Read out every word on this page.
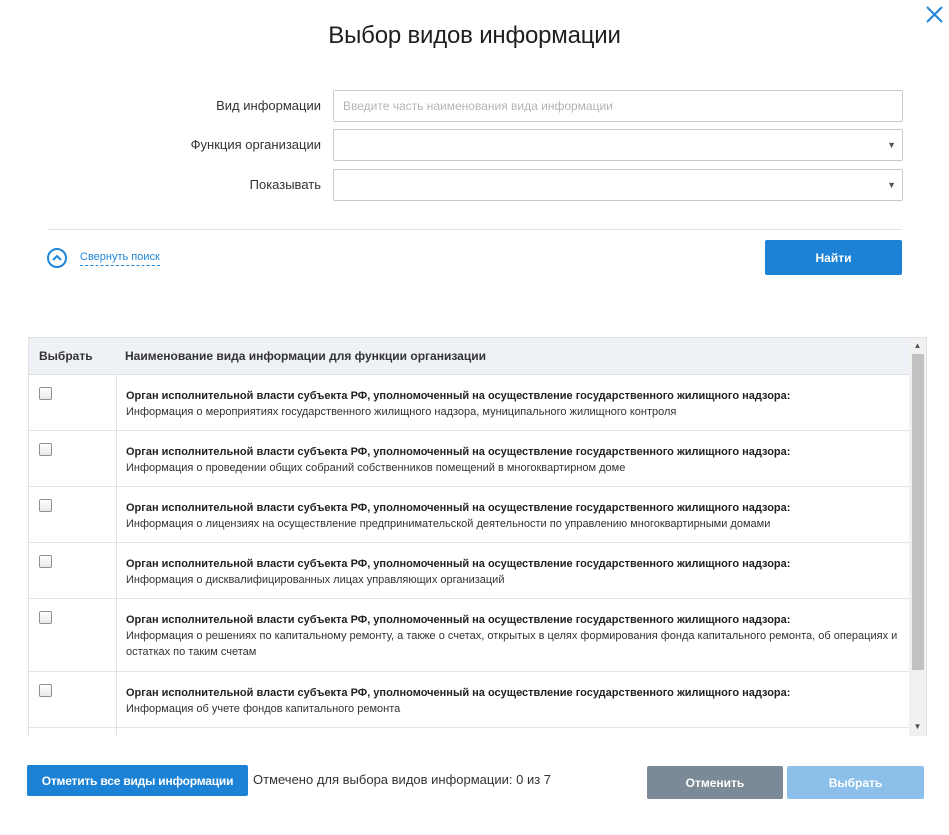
Выбор видов информации
Вид информации
Введите часть наименования вида информации
Функция организации	▼
Показывать	▼
Свернуть поиск	Найти
Выбрать	Наименование вида информации для функции организации
Орган исполнительной власти субъекта РФ, уполномоченный на осуществление государственного жилищного надзора:
Информация о мероприятиях государственного жилищного надзора, муниципального жилищного контроля
Орган исполнительной власти субъекта РФ, уполномоченный на осуществление государственного жилищного надзора:
Информация о проведении общих собраний собственников помещений в многоквартирном доме
Орган исполнительной власти субъекта РФ, уполномоченный на осуществление государственного жилищного надзора:
Информация о лицензиях на осуществление предпринимательской деятельности по управлению многоквартирными домами
Орган исполнительной власти субъекта РФ, уполномоченный на осуществление государственного жилищного надзора:
Информация о дисквалифицированных лицах управляющих организаций
Орган исполнительной власти субъекта РФ, уполномоченный на осуществление государственного жилищного надзора:
Информация о решениях по капитальному ремонту, а также о счетах, открытых в целях формирования фонда капитального ремонта, об операциях и остатках по таким счетам
Орган исполнительной власти субъекта РФ, уполномоченный на осуществление государственного жилищного надзора:
Информация об учете фондов капитального ремонта
▲
▼
Отметить все виды информации	Отмечено для выбора видов информации: 0 из 7	Отменить	Выбрать
